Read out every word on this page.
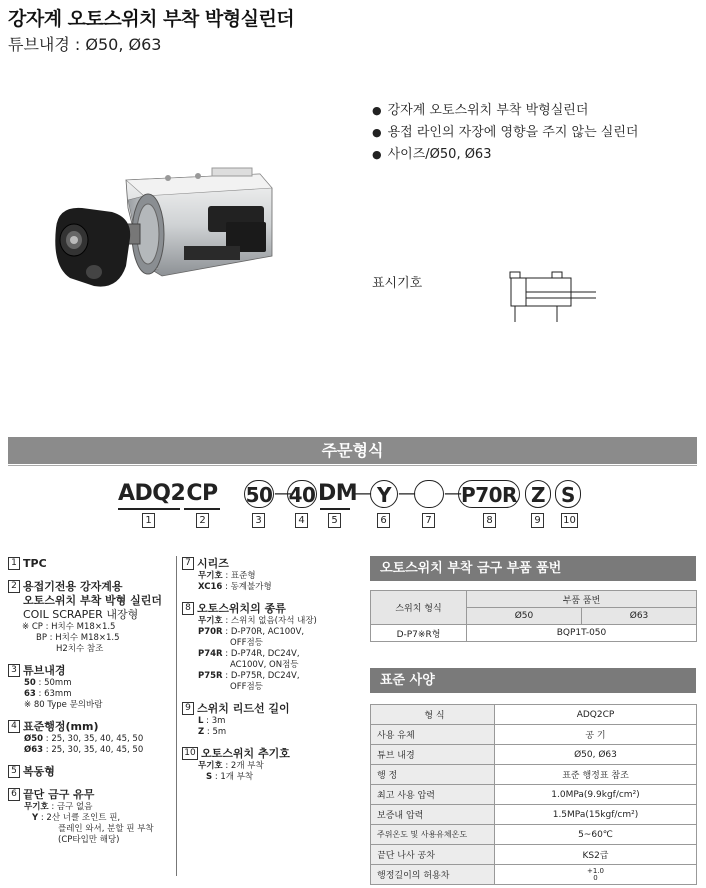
강자계 오토스위치 부착 박형실린더
튜브내경 : Ø50, Ø63
● 강자계 오토스위치 부착 박형실린더
● 용접 라인의 자장에 영향을 주지 않는 실린더
● 사이즈/Ø50, Ø63
표시기호
주문형식
ADQ2 CP 50 —
40 DM
— Y — — P70R Z S
1	2	3	4	5	6	7	8	9	10
1 TPC
2 용접기전용 강자계용
오토스위치 부착 박형 실린더
COIL SCRAPER 내장형
※ CP : H치수 M18×1.5
BP : H치수 M18×1.5
H2치수 참조
3 튜브내경
50 : 50mm
63 : 63mm
※ 80 Type 문의바람
4 표준행정(mm)
Ø50 : 25, 30, 35, 40, 45, 50
Ø63 : 25, 30, 35, 40, 45, 50
5 복동형
6 끝단 금구 유무
무기호 : 금구 없음
Y : 2산 너클 조인트 핀,
플레인 와셔, 분할 핀 부착
(CP타입만 해당)
7 시리즈
무기호 : 표준형
XC16 : 동계불가형
8 오토스위치의 종류
무기호 : 스위치 없음(자석 내장)
P70R : D-P70R, AC100V,
OFF점등
P74R : D-P74R, DC24V,
AC100V, ON점등
P75R : D-P75R, DC24V,
OFF점등
9 스위치 리드선 길이
L : 3m
Z : 5m
10 오토스위치 추기호
무기호 : 2개 부착
S : 1개 부착
오토스위치 부착 금구 부품 품번
스위치 형식	부품 품번	
	Ø50	Ø63
D-P7※R형	BQP1T-050	
표준 사양
형 식	ADQ2CP
사용 유체	공 기
튜브 내경	Ø50, Ø63
행 정	표준 행정표 참조
최고 사용 압력	1.0MPa(9.9kgf/cm²)
보증내 압력	1.5MPa(15kgf/cm²)
주위온도 및 사용유체온도	5~60℃
끝단 나사 공차	KS2급
행정길이의 허용차	+1.0
0
